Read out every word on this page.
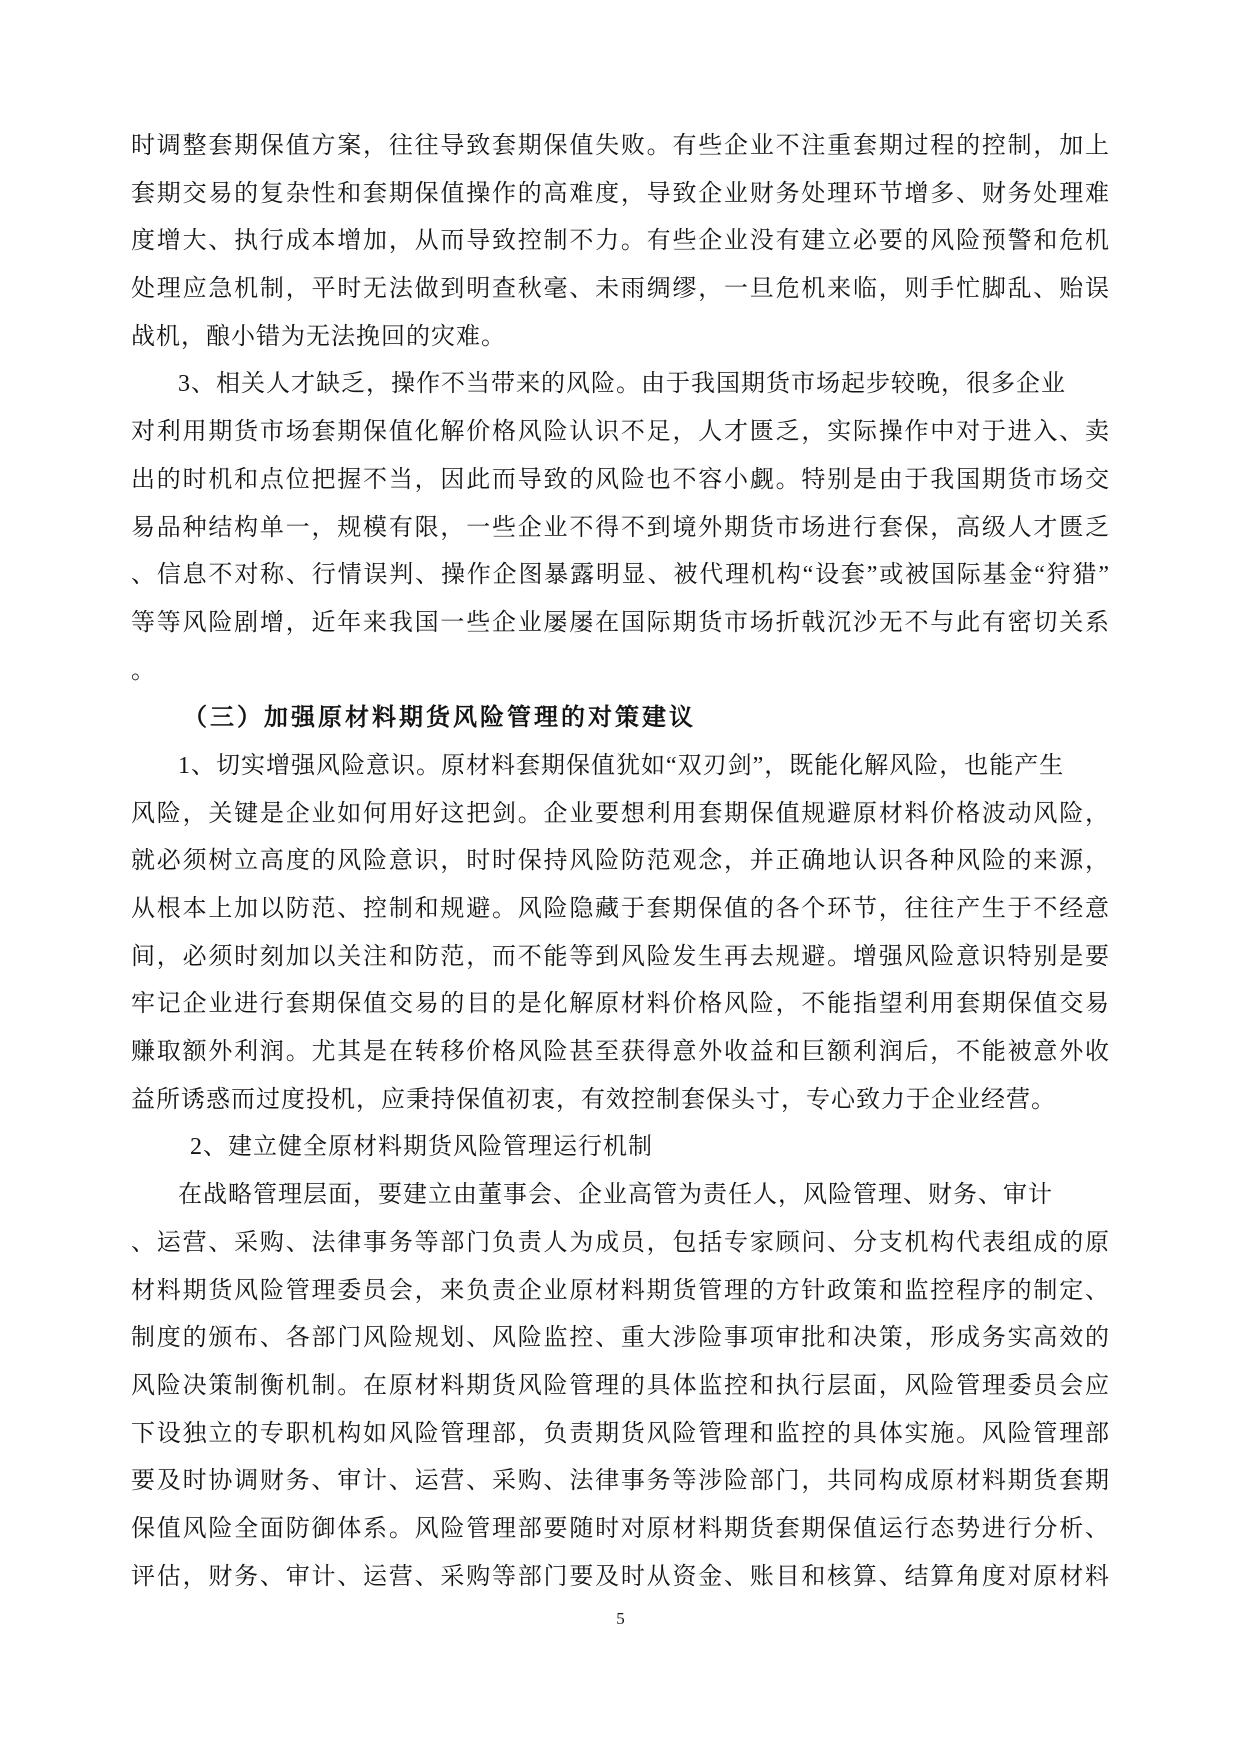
时调整套期保值方案，往往导致套期保值失败。有些企业不注重套期过程的控制，加上
套期交易的复杂性和套期保值操作的高难度，导致企业财务处理环节增多、财务处理难
度增大、执行成本增加，从而导致控制不力。有些企业没有建立必要的风险预警和危机
处理应急机制，平时无法做到明查秋毫、未雨绸缪，一旦危机来临，则手忙脚乱、贻误
战机，酿小错为无法挽回的灾难。
3、相关人才缺乏，操作不当带来的风险。由于我国期货市场起步较晚，很多企业
对利用期货市场套期保值化解价格风险认识不足，人才匮乏，实际操作中对于进入、卖
出的时机和点位把握不当，因此而导致的风险也不容小觑。特别是由于我国期货市场交
易品种结构单一，规模有限，一些企业不得不到境外期货市场进行套保，高级人才匮乏
、信息不对称、行情误判、操作企图暴露明显、被代理机构“设套”或被国际基金“狩猎”
等等风险剧增，近年来我国一些企业屡屡在国际期货市场折戟沉沙无不与此有密切关系
。
（三）加强原材料期货风险管理的对策建议
1、切实增强风险意识。原材料套期保值犹如“双刃剑”，既能化解风险，也能产生
风险，关键是企业如何用好这把剑。企业要想利用套期保值规避原材料价格波动风险，
就必须树立高度的风险意识，时时保持风险防范观念，并正确地认识各种风险的来源，
从根本上加以防范、控制和规避。风险隐藏于套期保值的各个环节，往往产生于不经意
间，必须时刻加以关注和防范，而不能等到风险发生再去规避。增强风险意识特别是要
牢记企业进行套期保值交易的目的是化解原材料价格风险，不能指望利用套期保值交易
赚取额外利润。尤其是在转移价格风险甚至获得意外收益和巨额利润后，不能被意外收
益所诱惑而过度投机，应秉持保值初衷，有效控制套保头寸，专心致力于企业经营。
2、建立健全原材料期货风险管理运行机制
在战略管理层面，要建立由董事会、企业高管为责任人，风险管理、财务、审计
、运营、采购、法律事务等部门负责人为成员，包括专家顾问、分支机构代表组成的原
材料期货风险管理委员会，来负责企业原材料期货管理的方针政策和监控程序的制定、
制度的颁布、各部门风险规划、风险监控、重大涉险事项审批和决策，形成务实高效的
风险决策制衡机制。在原材料期货风险管理的具体监控和执行层面，风险管理委员会应
下设独立的专职机构如风险管理部，负责期货风险管理和监控的具体实施。风险管理部
要及时协调财务、审计、运营、采购、法律事务等涉险部门，共同构成原材料期货套期
保值风险全面防御体系。风险管理部要随时对原材料期货套期保值运行态势进行分析、
评估，财务、审计、运营、采购等部门要及时从资金、账目和核算、结算角度对原材料
5
